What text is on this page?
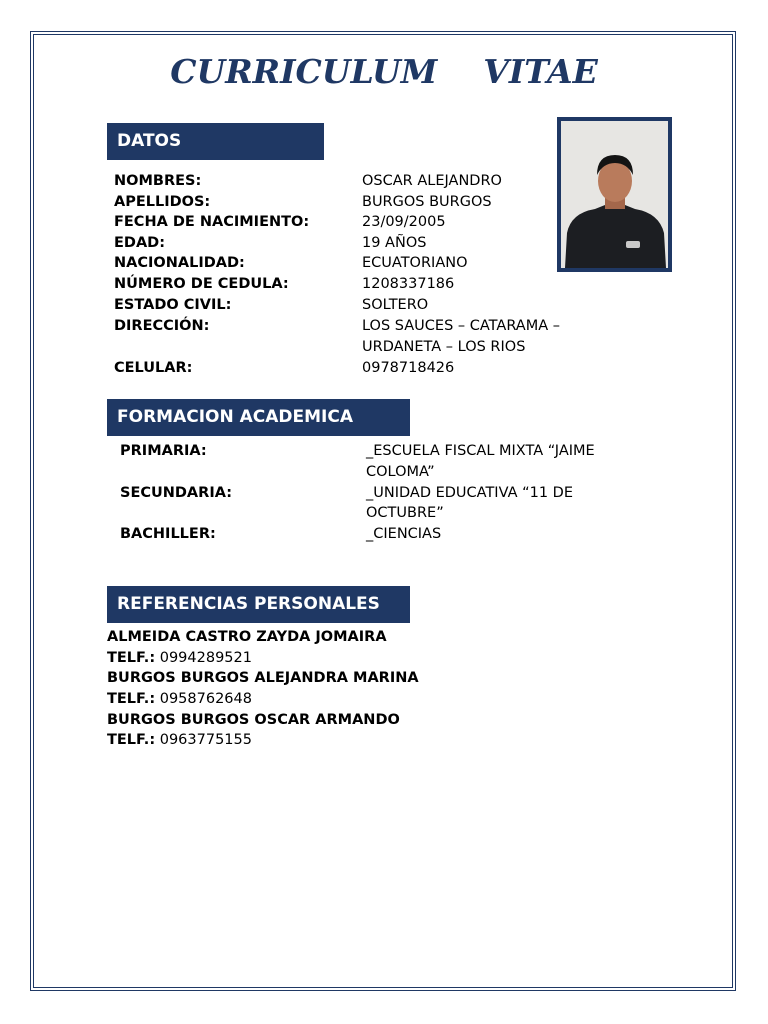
CURRICULUM    VITAE
DATOS
NOMBRES:	OSCAR ALEJANDRO
APELLIDOS:	BURGOS BURGOS
FECHA DE NACIMIENTO:	23/09/2005
EDAD:	19 AÑOS
NACIONALIDAD:	ECUATORIANO
NÚMERO DE CEDULA:	1208337186
ESTADO CIVIL:	SOLTERO
DIRECCIÓN:	LOS SAUCES – CATARAMA –
URDANETA – LOS RIOS
CELULAR:	0978718426
FORMACION ACADEMICA
PRIMARIA:	_ESCUELA FISCAL MIXTA “JAIME
COLOMA”
SECUNDARIA:	_UNIDAD EDUCATIVA “11 DE
OCTUBRE”
BACHILLER:	_CIENCIAS
REFERENCIAS PERSONALES
ALMEIDA CASTRO ZAYDA JOMAIRA
TELF.: 0994289521
BURGOS BURGOS ALEJANDRA MARINA
TELF.: 0958762648
BURGOS BURGOS OSCAR ARMANDO
TELF.: 0963775155
